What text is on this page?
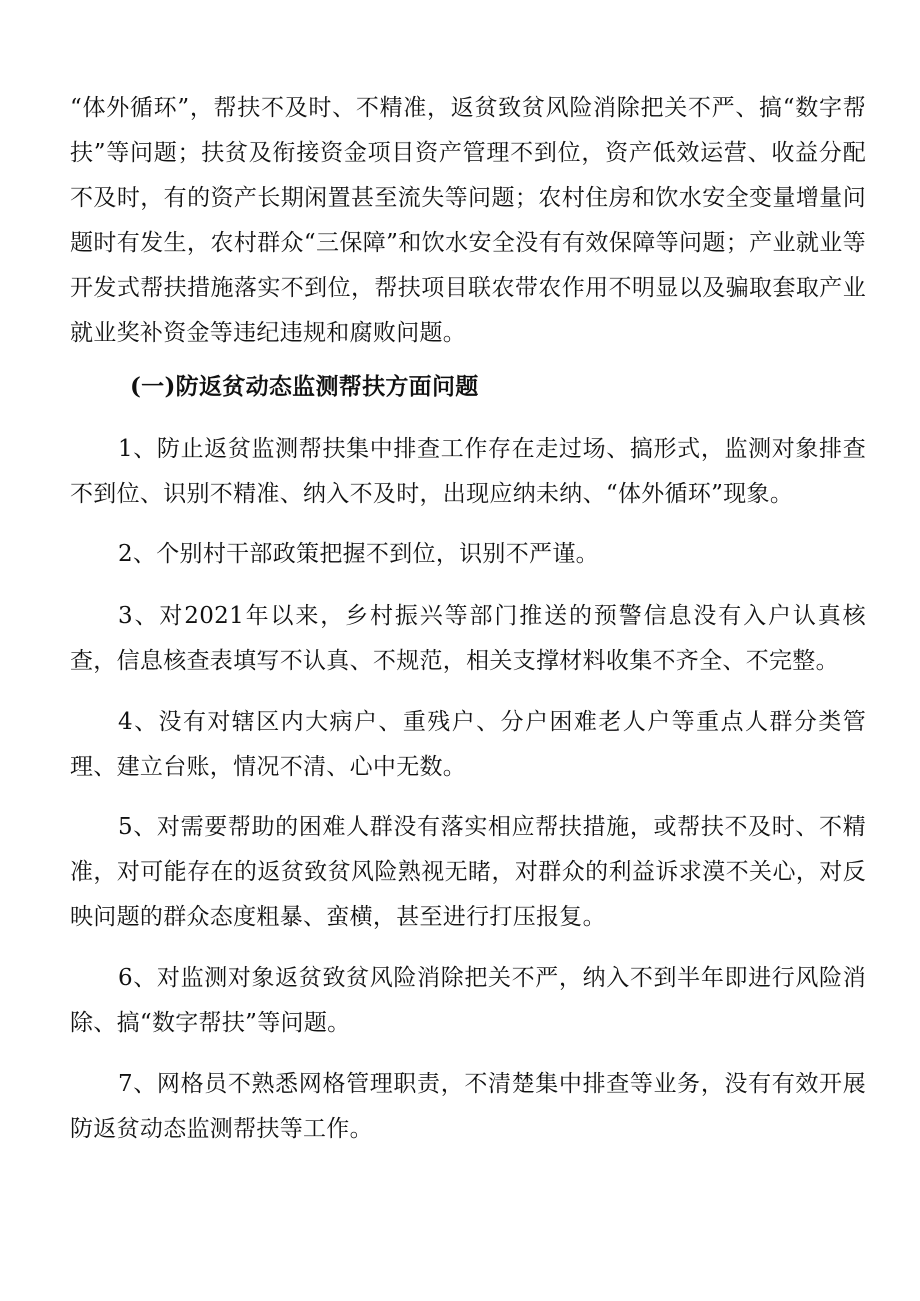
“体外循环”，帮扶不及时、不精准，返贫致贫风险消除把关不严、搞“数字帮扶”等问题；扶贫及衔接资金项目资产管理不到位，资产低效运营、收益分配不及时，有的资产长期闲置甚至流失等问题；农村住房和饮水安全变量增量问题时有发生，农村群众“三保障”和饮水安全没有有效保障等问题；产业就业等开发式帮扶措施落实不到位，帮扶项目联农带农作用不明显以及骗取套取产业就业奖补资金等违纪违规和腐败问题。

(一)防返贫动态监测帮扶方面问题

1、防止返贫监测帮扶集中排查工作存在走过场、搞形式，监测对象排查不到位、识别不精准、纳入不及时，出现应纳未纳、“体外循环”现象。

2、个别村干部政策把握不到位，识别不严谨。

3、对2021年以来，乡村振兴等部门推送的预警信息没有入户认真核查，信息核查表填写不认真、不规范，相关支撑材料收集不齐全、不完整。

4、没有对辖区内大病户、重残户、分户困难老人户等重点人群分类管理、建立台账，情况不清、心中无数。

5、对需要帮助的困难人群没有落实相应帮扶措施，或帮扶不及时、不精准，对可能存在的返贫致贫风险熟视无睹，对群众的利益诉求漠不关心，对反映问题的群众态度粗暴、蛮横，甚至进行打压报复。

6、对监测对象返贫致贫风险消除把关不严，纳入不到半年即进行风险消除、搞“数字帮扶”等问题。

7、网格员不熟悉网格管理职责，不清楚集中排查等业务，没有有效开展防返贫动态监测帮扶等工作。
